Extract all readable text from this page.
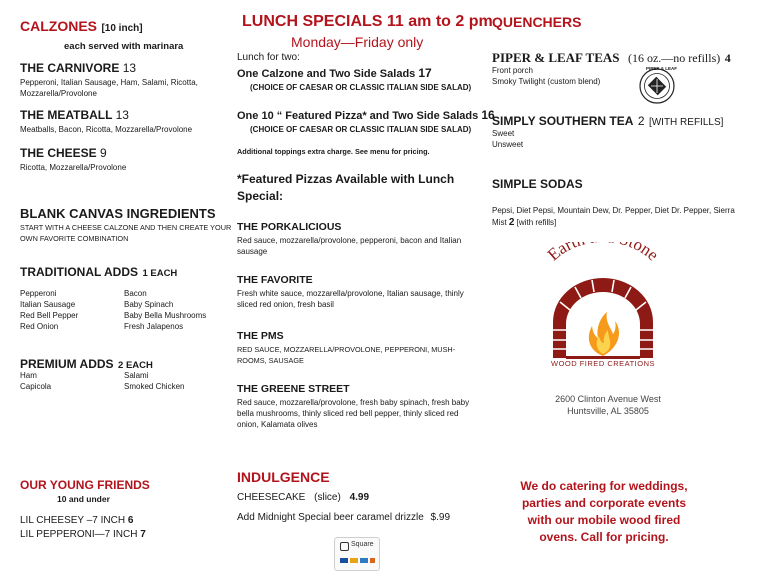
CALZONES [10 inch]
each served with marinara
THE CARNIVORE 13
Pepperoni, Italian Sausage, Ham, Salami, Ricotta, Mozzarella/Provolone
THE MEATBALL 13
Meatballs, Bacon, Ricotta, Mozzarella/Provolone
THE CHEESE 9
Ricotta, Mozzarella/Provolone
BLANK CANVAS INGREDIENTS
START WITH A CHEESE CALZONE AND THEN CREATE YOUR OWN FAVORITE COMBINATION
TRADITIONAL ADDS 1 EACH
Pepperoni
Italian Sausage
Red Bell Pepper
Red Onion
Bacon
Baby Spinach
Baby Bella Mushrooms
Fresh Jalapenos
PREMIUM ADDS 2 EACH
Ham
Capicola
Salami
Smoked Chicken
OUR YOUNG FRIENDS
10 and under
LIL CHEESEY –7 INCH 6
LIL PEPPERONI—7 INCH 7
LUNCH SPECIALS 11 am to 2 pm
Monday—Friday only
Lunch for two:
One Calzone and Two Side Salads 17
(CHOICE OF CAESAR OR CLASSIC ITALIAN SIDE SALAD)
One 10 “ Featured Pizza* and Two Side Salads 16
(CHOICE OF CAESAR OR CLASSIC ITALIAN SIDE SALAD)
Additional toppings extra charge. See menu for pricing.
*Featured Pizzas Available with Lunch Special:
THE PORKALICIOUS
Red sauce, mozzarella/provolone, pepperoni, bacon and Italian sausage
THE FAVORITE
Fresh white sauce, mozzarella/provolone, Italian sausage, thinly sliced red onion, fresh basil
THE PMS
RED SAUCE, MOZZARELLA/PROVOLONE, PEPPERONI, MUSH-ROOMS, SAUSAGE
THE GREENE STREET
Red sauce, mozzarella/provolone, fresh baby spinach, fresh baby bella mushrooms, thinly sliced red bell pepper, thinly sliced red onion, Kalamata olives
INDULGENCE
CHEESECAKE (slice) 4.99
Add Midnight Special beer caramel drizzle $.99
Square
QUENCHERS
PIPER & LEAF TEAS (16 oz.—no refills) 4
Front porch
Smoky Twilight (custom blend)
PIPER & LEAF
SIMPLY SOUTHERN TEA 2 [WITH REFILLS]
Sweet
Unsweet
SIMPLE SODAS
Pepsi, Diet Pepsi, Mountain Dew, Dr. Pepper, Diet Dr. Pepper, Sierra Mist 2 [with refills]
Eart one
WOOD FIRED CREATIONS
2600 Clinton Avenue West
Huntsville, AL 35805
We do catering for weddings,
parties and corporate events
with our mobile wood fired
ovens. Call for pricing.
